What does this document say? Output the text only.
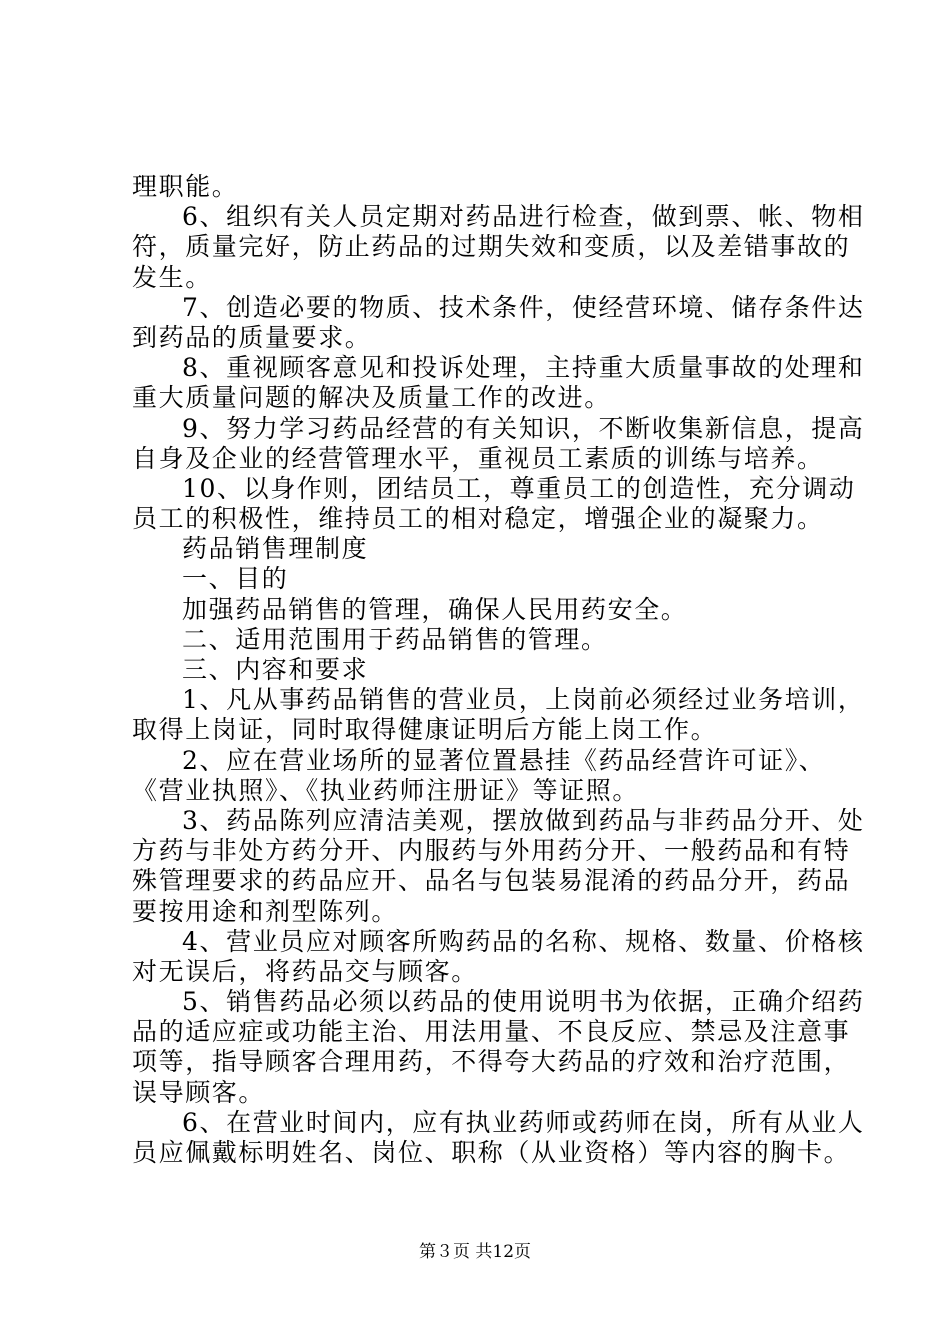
理职能。
6、组织有关人员定期对药品进行检查，做到票、帐、物相
符，质量完好，防止药品的过期失效和变质，以及差错事故的
发生。
7、创造必要的物质、技术条件，使经营环境、储存条件达
到药品的质量要求。
8、重视顾客意见和投诉处理，主持重大质量事故的处理和
重大质量问题的解决及质量工作的改进。
9、努力学习药品经营的有关知识，不断收集新信息，提高
自身及企业的经营管理水平，重视员工素质的训练与培养。
10、以身作则，团结员工，尊重员工的创造性，充分调动
员工的积极性，维持员工的相对稳定，增强企业的凝聚力。
药品销售理制度
一、目的
加强药品销售的管理，确保人民用药安全。
二、适用范围用于药品销售的管理。
三、内容和要求
1、凡从事药品销售的营业员，上岗前必须经过业务培训，
取得上岗证，同时取得健康证明后方能上岗工作。
2、应在营业场所的显著位置悬挂《药品经营许可证》、
《营业执照》、《执业药师注册证》等证照。
3、药品陈列应清洁美观，摆放做到药品与非药品分开、处
方药与非处方药分开、内服药与外用药分开、一般药品和有特
殊管理要求的药品应开、品名与包装易混淆的药品分开，药品
要按用途和剂型陈列。
4、营业员应对顾客所购药品的名称、规格、数量、价格核
对无误后，将药品交与顾客。
5、销售药品必须以药品的使用说明书为依据，正确介绍药
品的适应症或功能主治、用法用量、不良反应、禁忌及注意事
项等，指导顾客合理用药，不得夸大药品的疗效和治疗范围，
误导顾客。
6、在营业时间内，应有执业药师或药师在岗，所有从业人
员应佩戴标明姓名、岗位、职称（从业资格）等内容的胸卡。
第３页 共12页
